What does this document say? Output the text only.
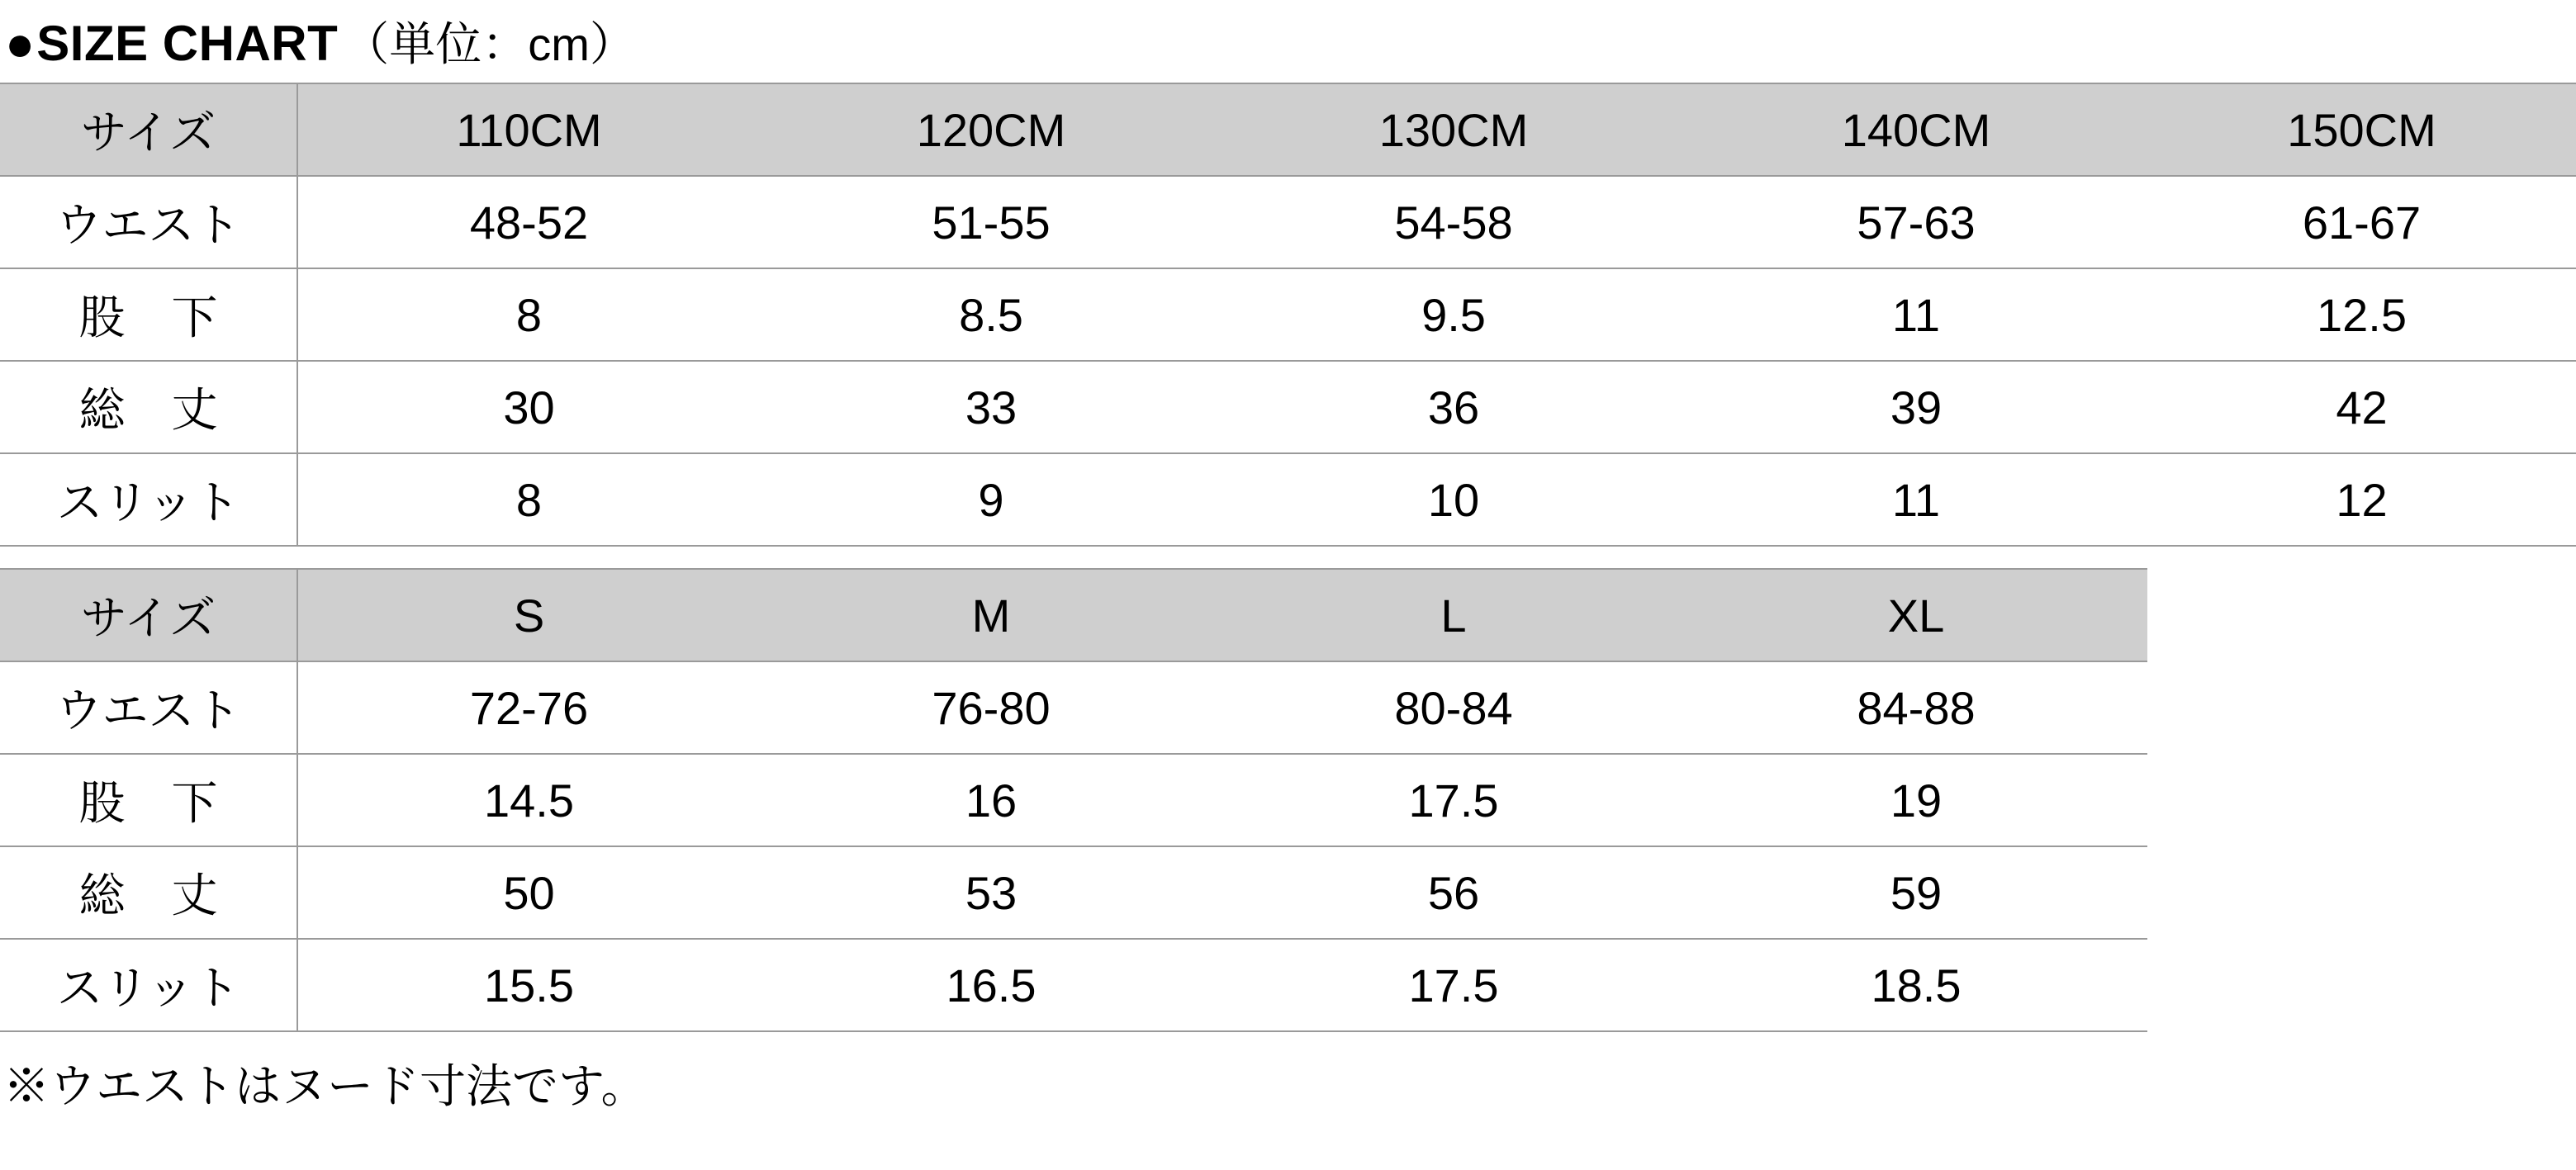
● SIZE CHART （単位：cm）
サイズ	110CM	120CM	130CM	140CM	150CM
ウエスト	48-52	51-55	54-58	57-63	61-67
股　下	8	8.5	9.5	11	12.5
総　丈	30	33	36	39	42
スリット	8	9	10	11	12
サイズ	S	M	L	XL	
ウエスト	72-76	76-80	80-84	84-88	
股　下	14.5	16	17.5	19	
総　丈	50	53	56	59	
スリット	15.5	16.5	17.5	18.5	
※ウエストはヌード寸法です。
